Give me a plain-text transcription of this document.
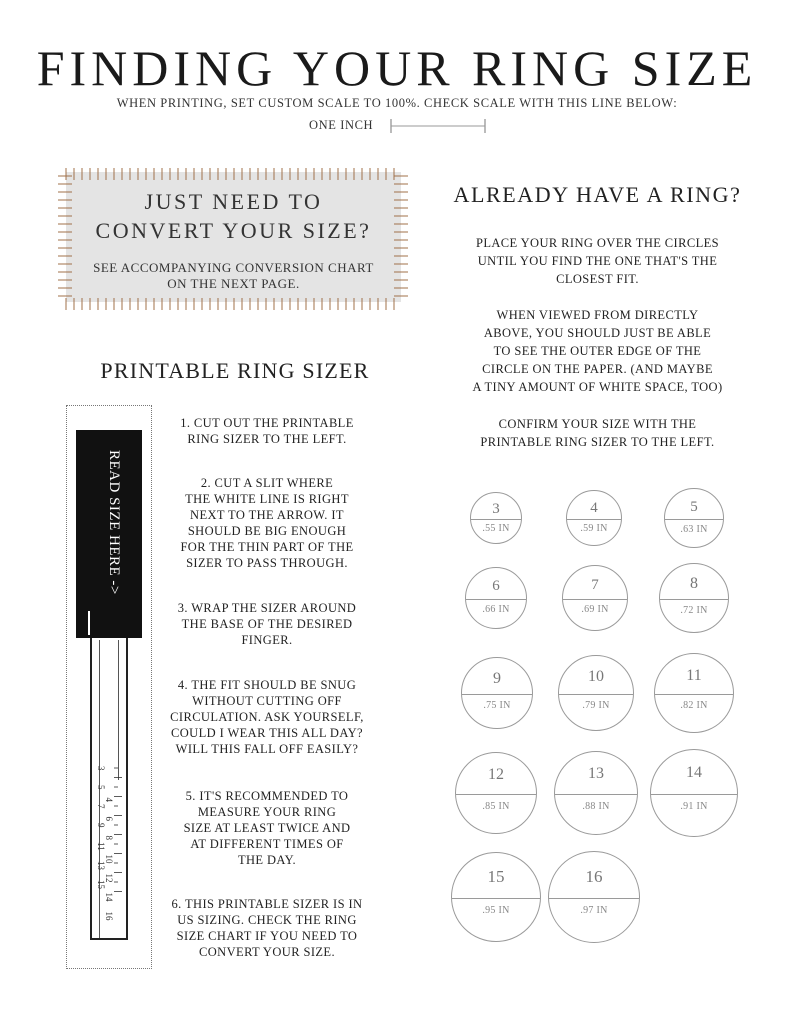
FINDING YOUR RING SIZE
WHEN PRINTING, SET CUSTOM SCALE TO 100%. CHECK SCALE WITH THIS LINE BELOW:
ONE INCH
JUST NEED TO
CONVERT YOUR SIZE?
SEE ACCOMPANYING CONVERSION CHART
ON THE NEXT PAGE.
PRINTABLE RING SIZER
READ SIZE HERE ->
3
5
7
9
11
13
15
4
6
8
10
12
14
16
1. CUT OUT THE PRINTABLE
RING SIZER TO THE LEFT.
2. CUT A SLIT WHERE
THE WHITE LINE IS RIGHT
NEXT TO THE ARROW. IT
SHOULD BE BIG ENOUGH
FOR THE THIN PART OF THE
SIZER TO PASS THROUGH.
3. WRAP THE SIZER AROUND
THE BASE OF THE DESIRED
FINGER.
4. THE FIT SHOULD BE SNUG
WITHOUT CUTTING OFF
CIRCULATION. ASK YOURSELF,
COULD I WEAR THIS ALL DAY?
WILL THIS FALL OFF EASILY?
5. IT'S RECOMMENDED TO
MEASURE YOUR RING
SIZE AT LEAST TWICE AND
AT DIFFERENT TIMES OF
THE DAY.
6. THIS PRINTABLE SIZER IS IN
US SIZING. CHECK THE RING
SIZE CHART IF YOU NEED TO
CONVERT YOUR SIZE.
ALREADY HAVE A RING?
PLACE YOUR RING OVER THE CIRCLES
UNTIL YOU FIND THE ONE THAT'S THE
CLOSEST FIT.
WHEN VIEWED FROM DIRECTLY
ABOVE, YOU SHOULD JUST BE ABLE
TO SEE THE OUTER EDGE OF THE
CIRCLE ON THE PAPER. (AND MAYBE
A TINY AMOUNT OF WHITE SPACE, TOO)
CONFIRM YOUR SIZE WITH THE
PRINTABLE RING SIZER TO THE LEFT.
3
.55 IN
4
.59 IN
5
.63 IN
6
.66 IN
7
.69 IN
8
.72 IN
9
.75 IN
10
.79 IN
11
.82 IN
12
.85 IN
13
.88 IN
14
.91 IN
15
.95 IN
16
.97 IN
